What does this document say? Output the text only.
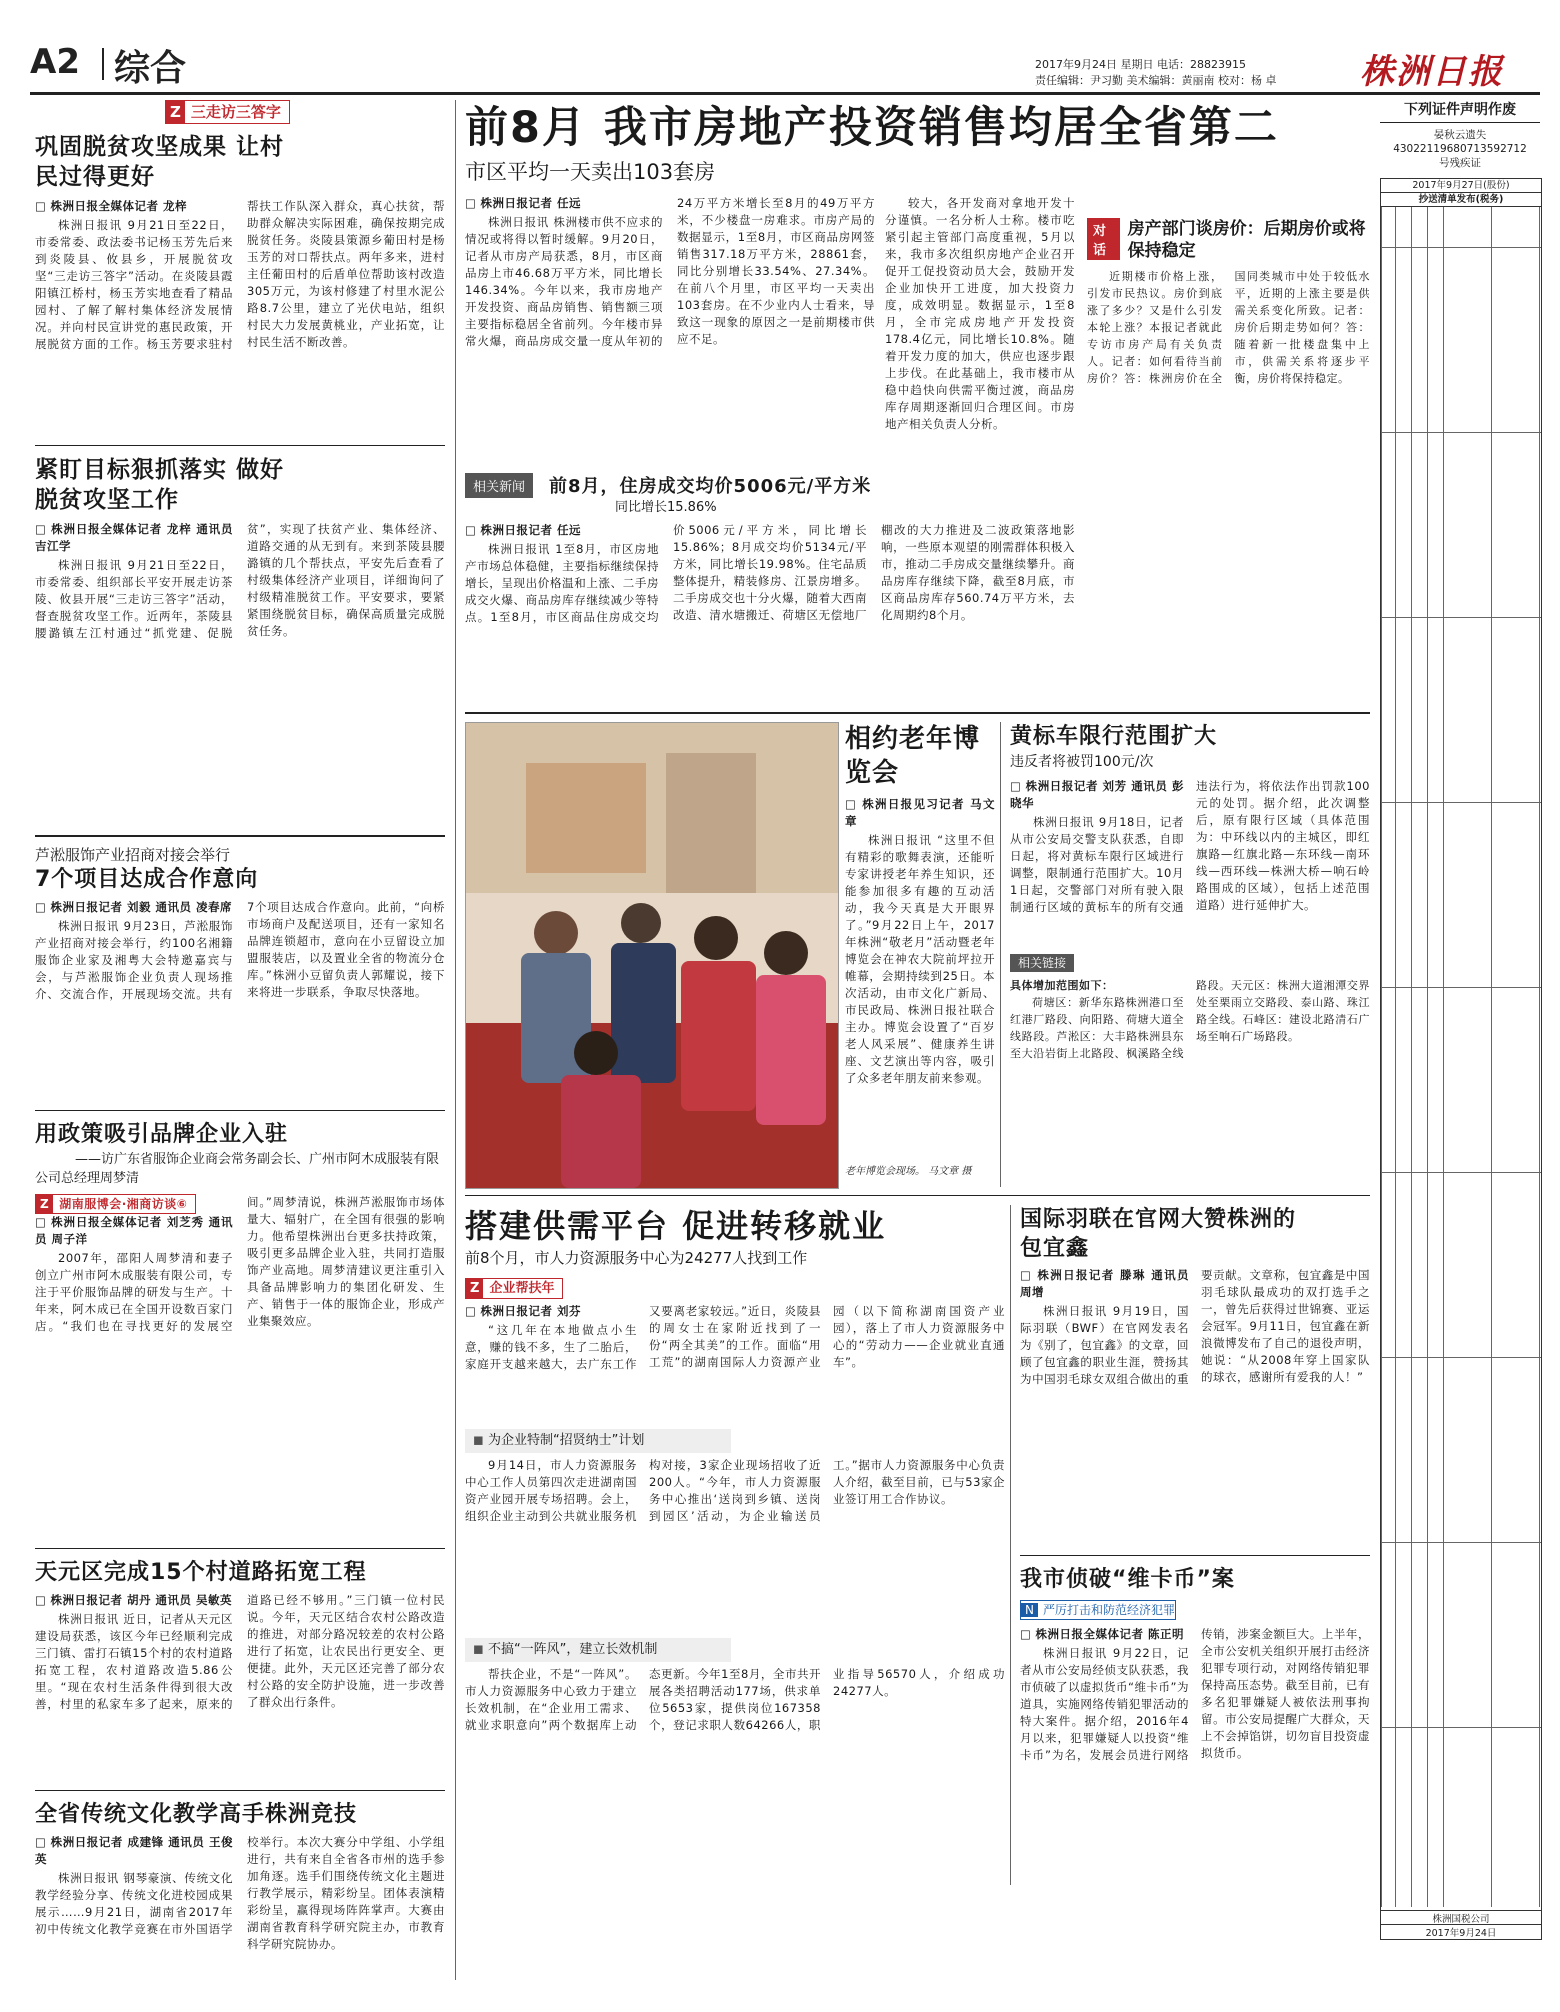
A2 综合	2017年9月24日 星期日 电话：28823915
责任编辑：尹习勤 美术编辑：黄丽南 校对：杨 卓 株洲日报
下列证件声明作废
晏秋云遗失
43022119680713592712
号残疾证
2017年9月27日(股份)
抄送清单发布(税务)
株洲国税公司
2017年9月24日
Z 三走访三答字
巩固脱贫攻坚成果 让村民过得更好
□ 株洲日报全媒体记者 龙梓

株洲日报讯 9月21日至22日，市委常委、政法委书记杨玉芳先后来到炎陵县、攸县乡，开展脱贫攻坚“三走访三答字”活动。在炎陵县霞阳镇江桥村，杨玉芳实地查看了精品园村、了解了解村集体经济发展情况。并向村民宣讲党的惠民政策，开展脱贫方面的工作。杨玉芳要求驻村帮扶工作队深入群众，真心扶贫，帮助群众解决实际困难，确保按期完成脱贫任务。炎陵县策源乡葡田村是杨玉芳的对口帮扶点。两年多来，进村主任葡田村的后盾单位帮助该村改造305万元，为该村修建了村里水泥公路8.7公里，建立了光伏电站，组织村民大力发展黄桃业，产业拓宽，让村民生活不断改善。

紧盯目标狠抓落实 做好脱贫攻坚工作
□ 株洲日报全媒体记者 龙梓 通讯员 吉江学

株洲日报讯 9月21日至22日，市委常委、组织部长平安开展走访茶陵、攸县开展“三走访三答字”活动，督查脱贫攻坚工作。近两年，茶陵县腰潞镇左江村通过“抓党建、促脱贫”，实现了扶贫产业、集体经济、道路交通的从无到有。来到茶陵县腰潞镇的几个帮扶点，平安先后查看了村级集体经济产业项目，详细询问了村级精准脱贫工作。平安要求，要紧紧围绕脱贫目标，确保高质量完成脱贫任务。

芦淞服饰产业招商对接会举行
7个项目达成合作意向
□ 株洲日报记者 刘毅 通讯员 凌春席

株洲日报讯 9月23日，芦淞服饰产业招商对接会举行，约100名湘籍服饰企业家及湘粤大会特邀嘉宾与会，与芦淞服饰企业负责人现场推介、交流合作，开展现场交流。共有7个项目达成合作意向。此前，“向桥市场商户及配送项目，还有一家知名品牌连锁超市，意向在小豆留设立加盟服装店，以及置业全省的物流分仓库。”株洲小豆留负责人郭耀说，接下来将进一步联系，争取尽快落地。

用政策吸引品牌企业入驻
——访广东省服饰企业商会常务副会长、广州市阿木成服装有限公司总经理周梦清
Z 湖南服博会·湘商访谈⑥
□ 株洲日报全媒体记者 刘芝秀 通讯员 周子洋

2007年，邵阳人周梦清和妻子创立广州市阿木成服装有限公司，专注于平价服饰品牌的研发与生产。十年来，阿木成已在全国开设数百家门店。“我们也在寻找更好的发展空间。”周梦清说，株洲芦淞服饰市场体量大、辐射广，在全国有很强的影响力。他希望株洲出台更多扶持政策，吸引更多品牌企业入驻，共同打造服饰产业高地。周梦清建议更注重引入具备品牌影响力的集团化研发、生产、销售于一体的服饰企业，形成产业集聚效应。

天元区完成15个村道路拓宽工程
□ 株洲日报记者 胡丹 通讯员 吴敏英

株洲日报讯 近日，记者从天元区建设局获悉，该区今年已经顺利完成三门镇、雷打石镇15个村的农村道路拓宽工程，农村道路改造5.86公里。“现在农村生活条件得到很大改善，村里的私家车多了起来，原来的道路已经不够用。”三门镇一位村民说。今年，天元区结合农村公路改造的推进，对部分路况较差的农村公路进行了拓宽，让农民出行更安全、更便捷。此外，天元区还完善了部分农村公路的安全防护设施，进一步改善了群众出行条件。

全省传统文化教学高手株洲竞技
□ 株洲日报记者 成建锋 通讯员 王俊英

株洲日报讯 钢琴豪演、传统文化教学经验分享、传统文化进校园成果展示……9月21日，湖南省2017年初中传统文化教学竞赛在市外国语学校举行。本次大赛分中学组、小学组进行，共有来自全省各市州的选手参加角逐。选手们围绕传统文化主题进行教学展示，精彩纷呈。团体表演精彩纷呈，赢得现场阵阵掌声。大赛由湖南省教育科学研究院主办，市教育科学研究院协办。

前8月 我市房地产投资销售均居全省第二
市区平均一天卖出103套房
□ 株洲日报记者 任远

株洲日报讯 株洲楼市供不应求的情况或将得以暂时缓解。9月20日，记者从市房产局获悉，8月，市区商品房上市46.68万平方米，同比增长146.34%。今年以来，我市房地产开发投资、商品房销售、销售额三项主要指标稳居全省前列。今年楼市异常火爆，商品房成交量一度从年初的24万平方米增长至8月的49万平方米，不少楼盘一房难求。市房产局的数据显示，1至8月，市区商品房网签销售317.18万平方米，28861套，同比分别增长33.54%、27.34%。在前八个月里，市区平均一天卖出103套房。在不少业内人士看来，导致这一现象的原因之一是前期楼市供应不足。

较大，各开发商对拿地开发十分谨慎。一名分析人士称。楼市吃紧引起主管部门高度重视，5月以来，我市多次组织房地产企业召开促开工促投资动员大会，鼓励开发企业加快开工进度，加大投资力度，成效明显。数据显示，1至8月，全市完成房地产开发投资178.4亿元，同比增长10.8%。随着开发力度的加大，供应也逐步跟上步伐。在此基础上，我市楼市从稳中趋快向供需平衡过渡，商品房库存周期逐渐回归合理区间。市房地产相关负责人分析。

对话
房产部门谈房价：后期房价或将保持稳定

近期楼市价格上涨，引发市民热议。房价到底涨了多少？又是什么引发本轮上涨？本报记者就此专访市房产局有关负责人。记者：如何看待当前房价？答：株洲房价在全国同类城市中处于较低水平，近期的上涨主要是供需关系变化所致。记者：房价后期走势如何？答：随着新一批楼盘集中上市，供需关系将逐步平衡，房价将保持稳定。

相关新闻	前8月，住房成交均价5006元/平方米
同比增长15.86%
□ 株洲日报记者 任远

株洲日报讯 1至8月，市区房地产市场总体稳健，主要指标继续保持增长，呈现出价格温和上涨、二手房成交火爆、商品房库存继续减少等特点。1至8月，市区商品住房成交均价5006元/平方米，同比增长15.86%；8月成交均价5134元/平方米，同比增长19.98%。住宅品质整体提升，精装修房、江景房增多。二手房成交也十分火爆，随着大西南改造、清水塘搬迁、荷塘区无偿地厂棚改的大力推进及二波政策落地影响，一些原本观望的刚需群体积极入市，推动二手房成交量继续攀升。商品房库存继续下降，截至8月底，市区商品房库存560.74万平方米，去化周期约8个月。

相约老年博览会
□ 株洲日报见习记者 马文章

株洲日报讯 “这里不但有精彩的歌舞表演，还能听专家讲授老年养生知识，还能参加很多有趣的互动活动，我今天真是大开眼界了。”9月22日上午，2017年株洲“敬老月”活动暨老年博览会在神农大院前坪拉开帷幕，会期持续到25日。本次活动，由市文化广新局、市民政局、株洲日报社联合主办。博览会设置了“百岁老人风采展”、健康养生讲座、文艺演出等内容，吸引了众多老年朋友前来参观。

老年博览会现场。 马文章 摄
黄标车限行范围扩大
违反者将被罚100元/次
□ 株洲日报记者 刘芳 通讯员 彭晓华

株洲日报讯 9月18日，记者从市公安局交警支队获悉，自即日起，将对黄标车限行区域进行调整，限制通行范围扩大。10月1日起，交警部门对所有驶入限制通行区域的黄标车的所有交通违法行为，将依法作出罚款100元的处罚。据介绍，此次调整后，原有限行区域（具体范围为：中环线以内的主城区，即红旗路—红旗北路—东环线—南环线—西环线—株洲大桥—响石岭路围成的区域），包括上述范围道路）进行延伸扩大。

相关链接
具体增加范围如下：

荷塘区：新华东路株洲港口至红港厂路段、向阳路、荷塘大道全线路段。芦淞区：大丰路株洲县东至大沿岩街上北路段、枫溪路全线路段。天元区：株洲大道湘潭交界处至栗雨立交路段、泰山路、珠江路全线。石峰区：建设北路清石广场至响石广场路段。

搭建供需平台 促进转移就业
前8个月，市人力资源服务中心为24277人找到工作
Z 企业帮扶年
□ 株洲日报记者 刘芬

“这几年在本地做点小生意，赚的钱不多，生了二胎后，家庭开支越来越大，去广东工作又要离老家较远。”近日，炎陵县的周女士在家附近找到了一份“两全其美”的工作。面临“用工荒”的湖南国际人力资源产业园（以下简称湖南国资产业园），落上了市人力资源服务中心的“劳动力——企业就业直通车”。

◼ 为企业特制“招贤纳士”计划

9月14日，市人力资源服务中心工作人员第四次走进湖南国资产业园开展专场招聘。会上，组织企业主动到公共就业服务机构对接，3家企业现场招收了近200人。“今年，市人力资源服务中心推出‘送岗到乡镇、送岗到园区’活动，为企业输送员工。”据市人力资源服务中心负责人介绍，截至目前，已与53家企业签订用工合作协议。

◼ 不搞“一阵风”，建立长效机制

帮扶企业，不是“一阵风”。市人力资源服务中心致力于建立长效机制，在“企业用工需求、就业求职意向”两个数据库上动态更新。今年1至8月，全市共开展各类招聘活动177场，供求单位5653家，提供岗位167358个，登记求职人数64266人，职业指导56570人，介绍成功24277人。

国际羽联在官网大赞株洲的包宜鑫
□ 株洲日报记者 滕琳 通讯员 周增

株洲日报讯 9月19日，国际羽联（BWF）在官网发表名为《别了，包宜鑫》的文章，回顾了包宜鑫的职业生涯，赞扬其为中国羽毛球女双组合做出的重要贡献。文章称，包宜鑫是中国羽毛球队最成功的双打选手之一，曾先后获得过世锦赛、亚运会冠军。9月11日，包宜鑫在新浪微博发布了自己的退役声明，她说：“从2008年穿上国家队的球衣，感谢所有爱我的人！”

我市侦破“维卡币”案
N 严厉打击和防范经济犯罪
□ 株洲日报全媒体记者 陈正明

株洲日报讯 9月22日，记者从市公安局经侦支队获悉，我市侦破了以虚拟货币“维卡币”为道具，实施网络传销犯罪活动的特大案件。据介绍，2016年4月以来，犯罪嫌疑人以投资“维卡币”为名，发展会员进行网络传销，涉案金额巨大。上半年，全市公安机关组织开展打击经济犯罪专项行动，对网络传销犯罪保持高压态势。截至目前，已有多名犯罪嫌疑人被依法刑事拘留。市公安局提醒广大群众，天上不会掉馅饼，切勿盲目投资虚拟货币。
